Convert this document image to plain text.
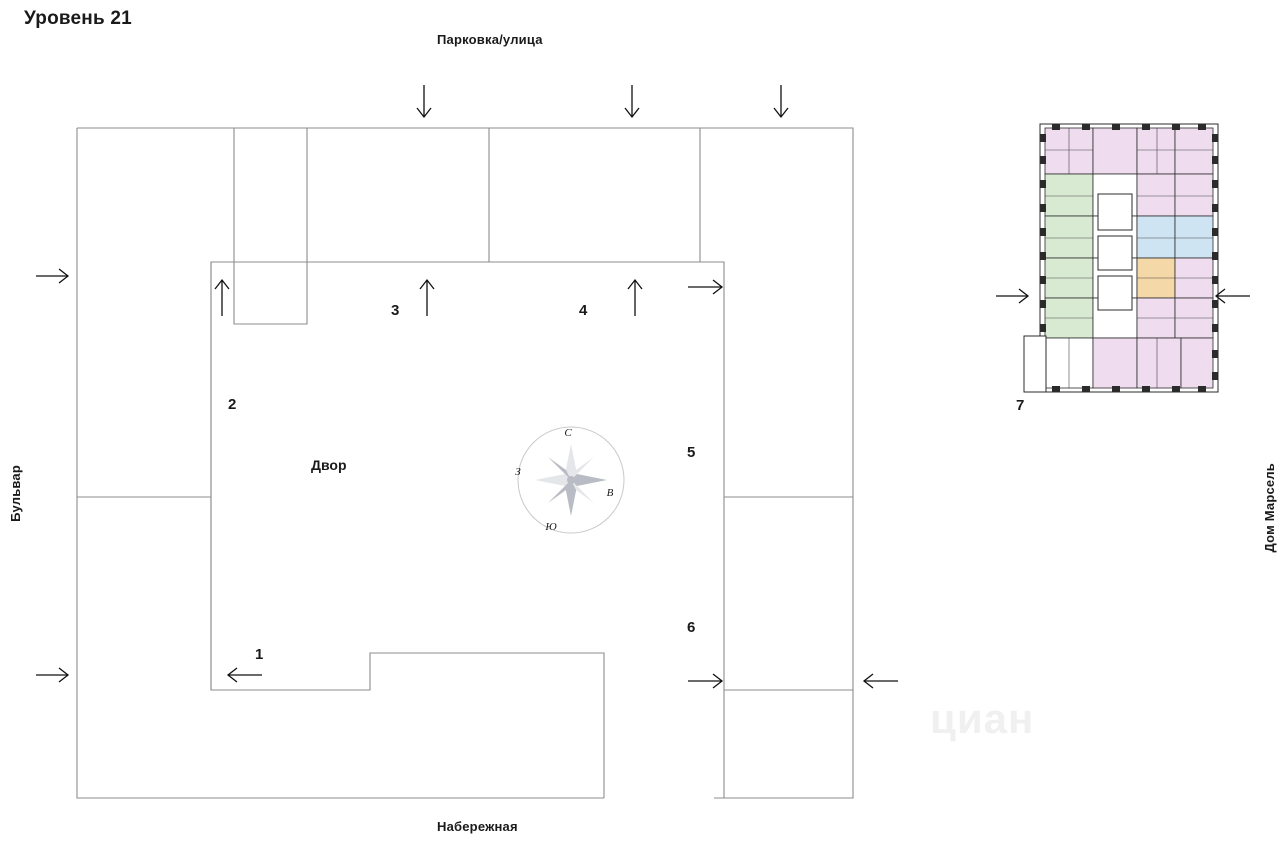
Уровень 21
Парковка/улица
Набережная
Бульвар	Дом Марсель
С
Ю
З
В
Двор
1
2
3	4
5
6
7
циан
